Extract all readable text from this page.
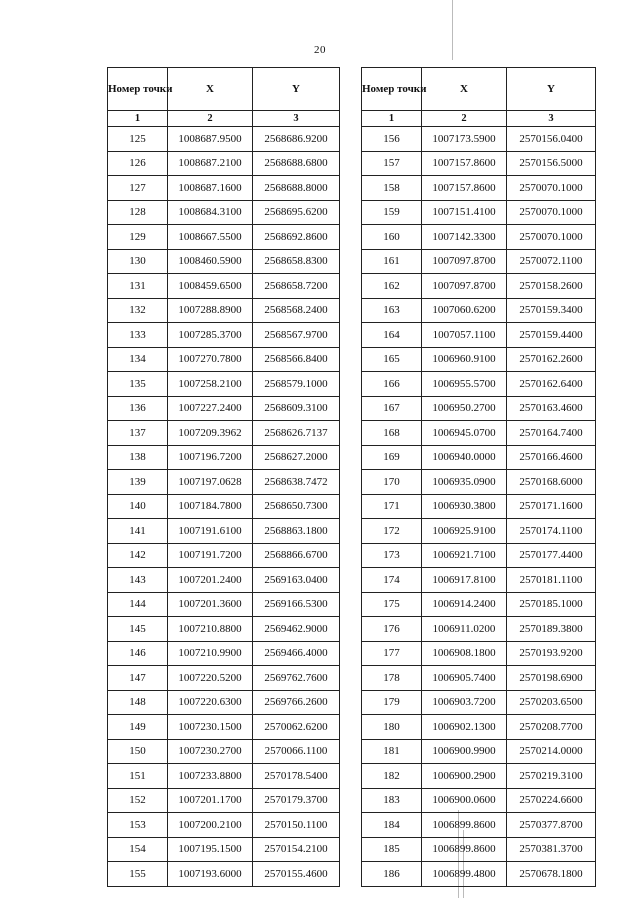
20
Номер точки	X	Y
1	2	3
125	1008687.9500	2568686.9200
126	1008687.2100	2568688.6800
127	1008687.1600	2568688.8000
128	1008684.3100	2568695.6200
129	1008667.5500	2568692.8600
130	1008460.5900	2568658.8300
131	1008459.6500	2568658.7200
132	1007288.8900	2568568.2400
133	1007285.3700	2568567.9700
134	1007270.7800	2568566.8400
135	1007258.2100	2568579.1000
136	1007227.2400	2568609.3100
137	1007209.3962	2568626.7137
138	1007196.7200	2568627.2000
139	1007197.0628	2568638.7472
140	1007184.7800	2568650.7300
141	1007191.6100	2568863.1800
142	1007191.7200	2568866.6700
143	1007201.2400	2569163.0400
144	1007201.3600	2569166.5300
145	1007210.8800	2569462.9000
146	1007210.9900	2569466.4000
147	1007220.5200	2569762.7600
148	1007220.6300	2569766.2600
149	1007230.1500	2570062.6200
150	1007230.2700	2570066.1100
151	1007233.8800	2570178.5400
152	1007201.1700	2570179.3700
153	1007200.2100	2570150.1100
154	1007195.1500	2570154.2100
155	1007193.6000	2570155.4600
Номер точки	X	Y
1	2	3
156	1007173.5900	2570156.0400
157	1007157.8600	2570156.5000
158	1007157.8600	2570070.1000
159	1007151.4100	2570070.1000
160	1007142.3300	2570070.1000
161	1007097.8700	2570072.1100
162	1007097.8700	2570158.2600
163	1007060.6200	2570159.3400
164	1007057.1100	2570159.4400
165	1006960.9100	2570162.2600
166	1006955.5700	2570162.6400
167	1006950.2700	2570163.4600
168	1006945.0700	2570164.7400
169	1006940.0000	2570166.4600
170	1006935.0900	2570168.6000
171	1006930.3800	2570171.1600
172	1006925.9100	2570174.1100
173	1006921.7100	2570177.4400
174	1006917.8100	2570181.1100
175	1006914.2400	2570185.1000
176	1006911.0200	2570189.3800
177	1006908.1800	2570193.9200
178	1006905.7400	2570198.6900
179	1006903.7200	2570203.6500
180	1006902.1300	2570208.7700
181	1006900.9900	2570214.0000
182	1006900.2900	2570219.3100
183	1006900.0600	2570224.6600
184	1006899.8600	2570377.8700
185	1006899.8600	2570381.3700
186	1006899.4800	2570678.1800
